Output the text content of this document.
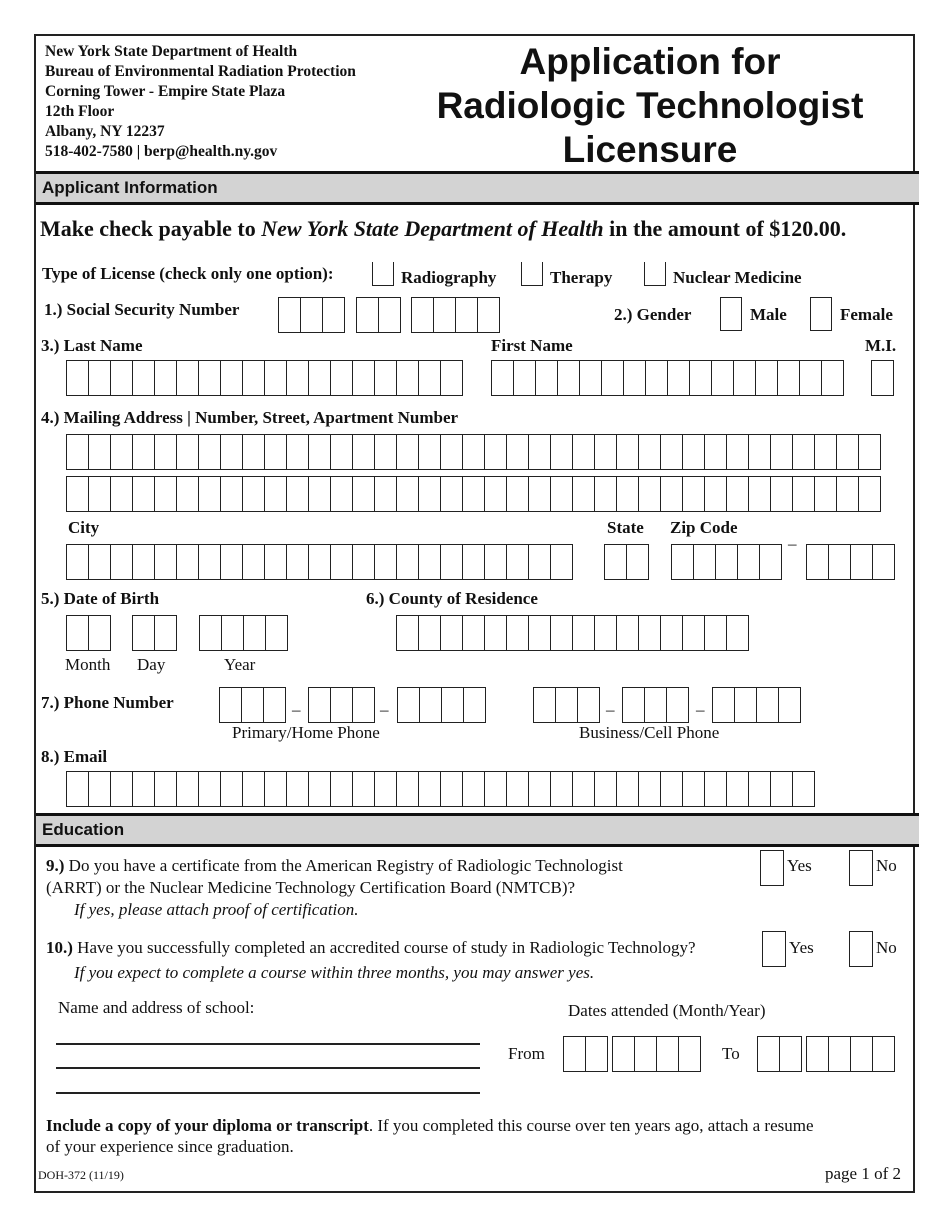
New York State Department of Health
Bureau of Environmental Radiation Protection
Corning Tower - Empire State Plaza
12th Floor
Albany, NY 12237
518-402-7580 | berp@health.ny.gov
Application for
Radiologic Technologist
Licensure
Applicant Information
Make check payable to New York State Department of Health in the amount of $120.00.
Type of License (check only one option):	Radiography	Therapy	Nuclear Medicine
1.) Social Security Number	2.) Gender	Male	Female
3.) Last Name	First Name	M.I.
4.) Mailing Address | Number, Street, Apartment Number
City	State Zip Code
–
5.) Date of Birth	6.) County of Residence
Month Day	Year
7.) Phone Number	–	–	–	–
Primary/Home Phone	Business/Cell Phone
8.) Email
Education
9.) Do you have a certificate from the American Registry of Radiologic Technologist
(ARRT) or the Nuclear Medicine Technology Certification Board (NMTCB)?
If yes, please attach proof of certification.
Yes	No
10.) Have you successfully completed an accredited course of study in Radiologic Technology?
If you expect to complete a course within three months, you may answer yes.
Yes	No
Name and address of school:	Dates attended (Month/Year)
From	To
Include a copy of your diploma or transcript. If you completed this course over ten years ago, attach a resume
of your experience since graduation.
DOH-372 (11/19)	page 1 of 2
